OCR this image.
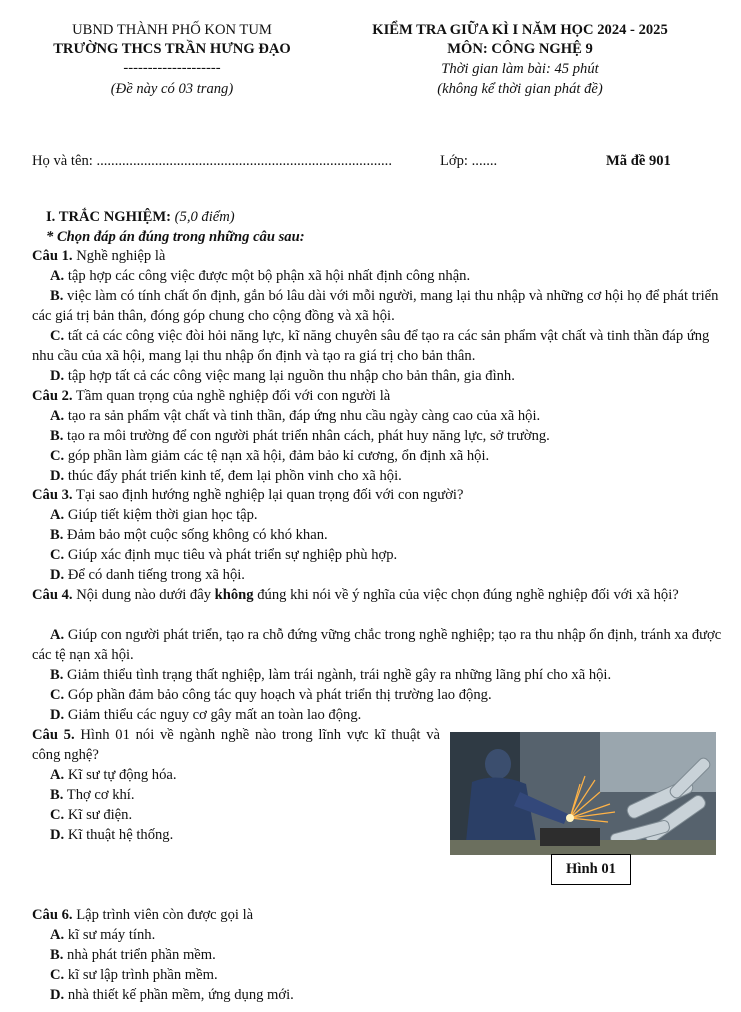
UBND THÀNH PHỐ KON TUM
TRƯỜNG THCS TRẦN HƯNG ĐẠO
--------------------
(Đề này có 03 trang)
KIỂM TRA GIỮA KÌ I NĂM HỌC 2024 - 2025
MÔN: CÔNG NGHỆ 9
Thời gian làm bài: 45 phút
(không kể thời gian phát đề)
Họ và tên: .................................................................................	Lớp: .......	Mã đề 901
I. TRẮC NGHIỆM: (5,0 điểm)
* Chọn đáp án đúng trong những câu sau:
Câu 1. Nghề nghiệp là
A. tập hợp các công việc được một bộ phận xã hội nhất định công nhận.
B. việc làm có tính chất ổn định, gắn bó lâu dài với mỗi người, mang lại thu nhập và những cơ hội họ để phát triển các giá trị bản thân, đóng góp chung cho cộng đồng và xã hội.
C. tất cả các công việc đòi hỏi năng lực, kĩ năng chuyên sâu để tạo ra các sản phẩm vật chất và tinh thần đáp ứng nhu cầu của xã hội, mang lại thu nhập ổn định và tạo ra giá trị cho bản thân.
D. tập hợp tất cả các công việc mang lại nguồn thu nhập cho bản thân, gia đình.
Câu 2. Tầm quan trọng của nghề nghiệp đối với con người là
A. tạo ra sản phẩm vật chất và tinh thần, đáp ứng nhu cầu ngày càng cao của xã hội.
B. tạo ra môi trường để con người phát triển nhân cách, phát huy năng lực, sở trường.
C. góp phần làm giảm các tệ nạn xã hội, đảm bảo kỉ cương, ổn định xã hội.
D. thúc đẩy phát triển kinh tế, đem lại phồn vinh cho xã hội.
Câu 3. Tại sao định hướng nghề nghiệp lại quan trọng đối với con người?
A. Giúp tiết kiệm thời gian học tập.
B. Đảm bảo một cuộc sống không có khó khan.
C. Giúp xác định mục tiêu và phát triển sự nghiệp phù hợp.
D. Để có danh tiếng trong xã hội.
Câu 4. Nội dung nào dưới đây không đúng khi nói về ý nghĩa của việc chọn đúng nghề nghiệp đối với xã hội?
A. Giúp con người phát triển, tạo ra chỗ đứng vững chắc trong nghề nghiệp; tạo ra thu nhập ổn định, tránh xa được các tệ nạn xã hội.
B. Giảm thiểu tình trạng thất nghiệp, làm trái ngành, trái nghề gây ra những lãng phí cho xã hội.
C. Góp phần đảm bảo công tác quy hoạch và phát triển thị trường lao động.
D. Giảm thiểu các nguy cơ gây mất an toàn lao động.
Câu 5. Hình 01 nói về ngành nghề nào trong lĩnh vực kĩ thuật và công nghệ?
A. Kĩ sư tự động hóa.
B. Thợ cơ khí.
C. Kĩ sư điện.
D. Kĩ thuật hệ thống.
Hình 01
Câu 6. Lập trình viên còn được gọi là
A. kĩ sư máy tính.
B. nhà phát triển phần mềm.
C. kĩ sư lập trình phần mềm.
D. nhà thiết kế phần mềm, ứng dụng mới.
